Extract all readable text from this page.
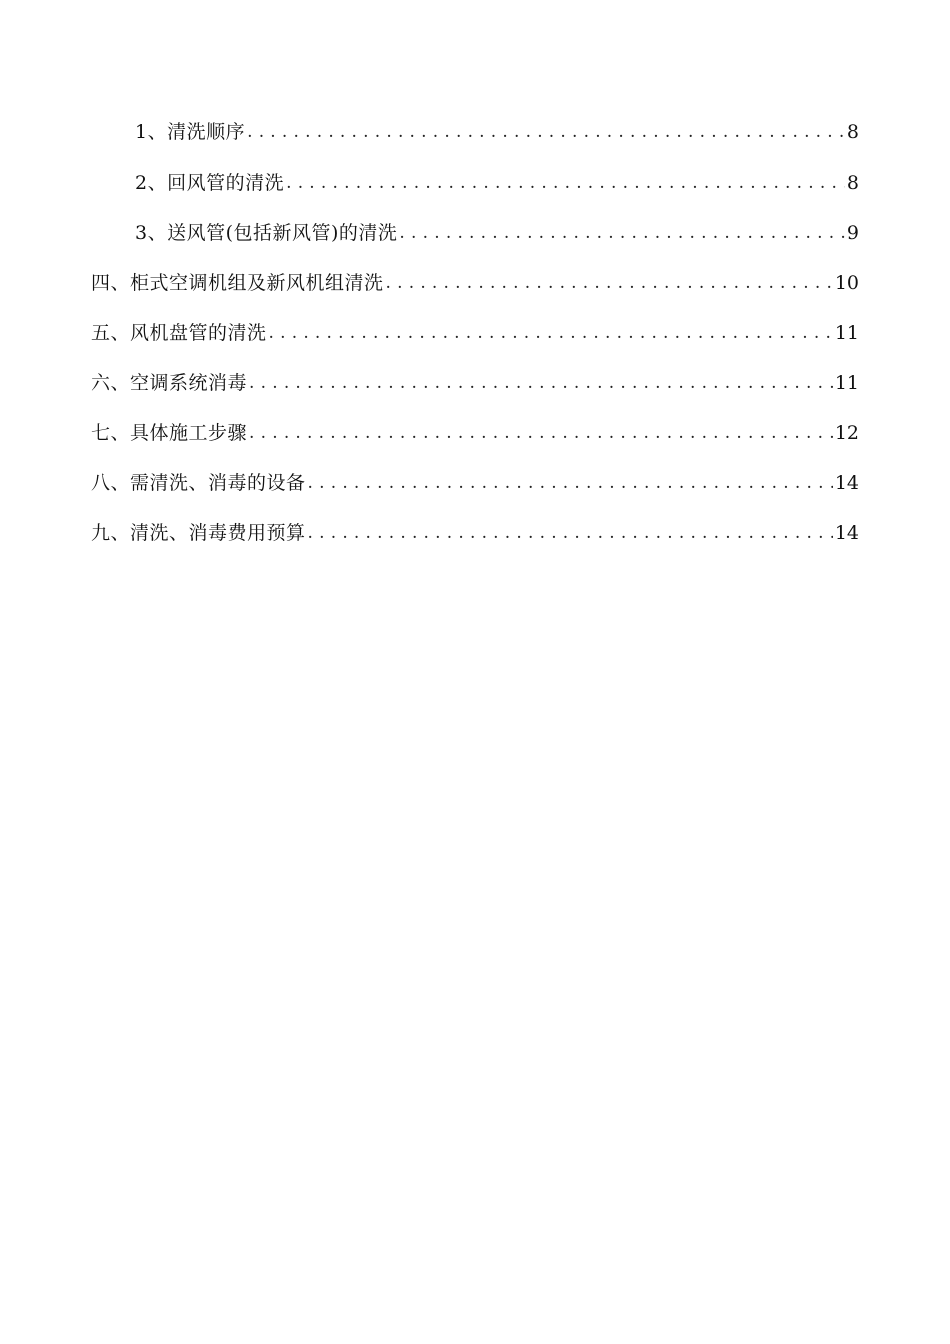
1、清洗顺序 .....	8
2、回风管的清洗 .....	8
3、送风管(包括新风管)的清洗 .....	9
四、柜式空调机组及新风机组清洗 .....	10
五、风机盘管的清洗 .....	11
六、空调系统消毒 .....	11
七、具体施工步骤 .....	12
八、需清洗、消毒的设备 .....	14
九、清洗、消毒费用预算 .....	14
